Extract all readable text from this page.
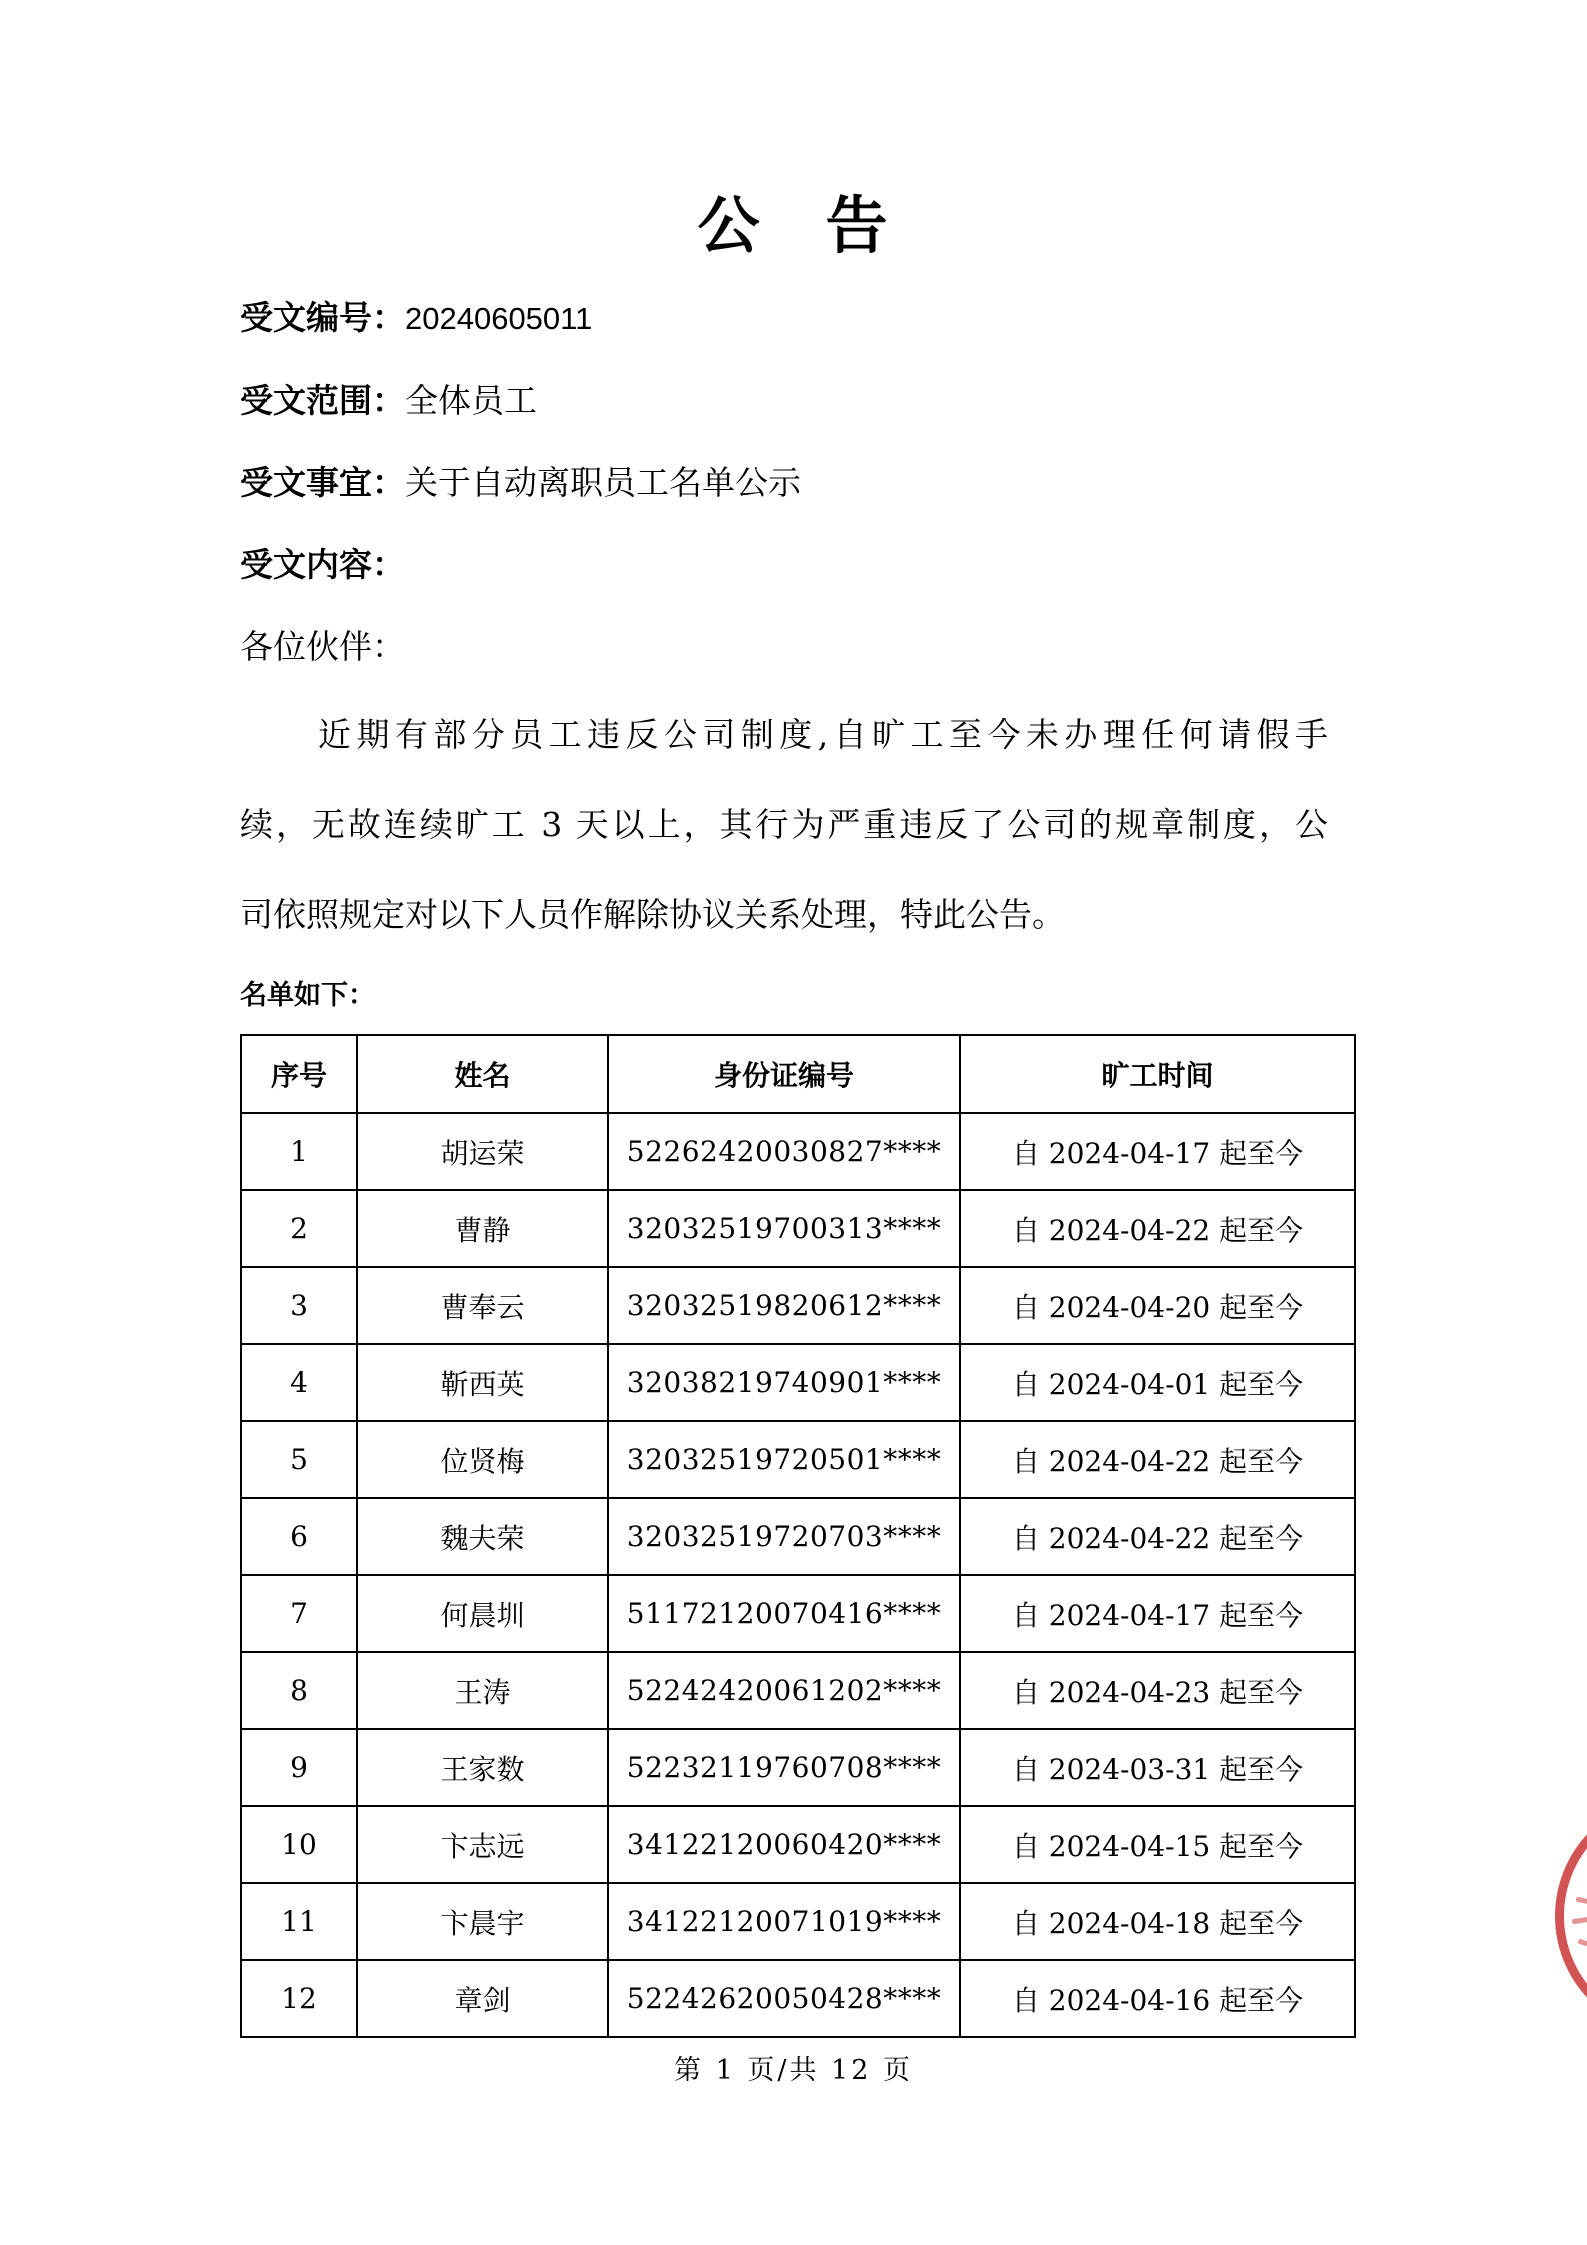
公　告
受文编号：20240605011
受文范围：全体员工
受文事宜：关于自动离职员工名单公示
受文内容：
各位伙伴：
近期有部分员工违反公司制度,自旷工至今未办理任何请假手
续，无故连续旷工 3 天以上，其行为严重违反了公司的规章制度，公
司依照规定对以下人员作解除协议关系处理，特此公告。
名单如下：
序号	姓名	身份证编号	旷工时间
1	胡运荣	52262420030827****	自 2024-04-17 起至今
2	曹静	32032519700313****	自 2024-04-22 起至今
3	曹奉云	32032519820612****	自 2024-04-20 起至今
4	靳西英	32038219740901****	自 2024-04-01 起至今
5	位贤梅	32032519720501****	自 2024-04-22 起至今
6	魏夫荣	32032519720703****	自 2024-04-22 起至今
7	何晨圳	51172120070416****	自 2024-04-17 起至今
8	王涛	52242420061202****	自 2024-04-23 起至今
9	王家数	52232119760708****	自 2024-03-31 起至今
10	卞志远	34122120060420****	自 2024-04-15 起至今
11	卞晨宇	34122120071019****	自 2024-04-18 起至今
12	章剑	52242620050428****	自 2024-04-16 起至今
第 1 页/共 12 页
